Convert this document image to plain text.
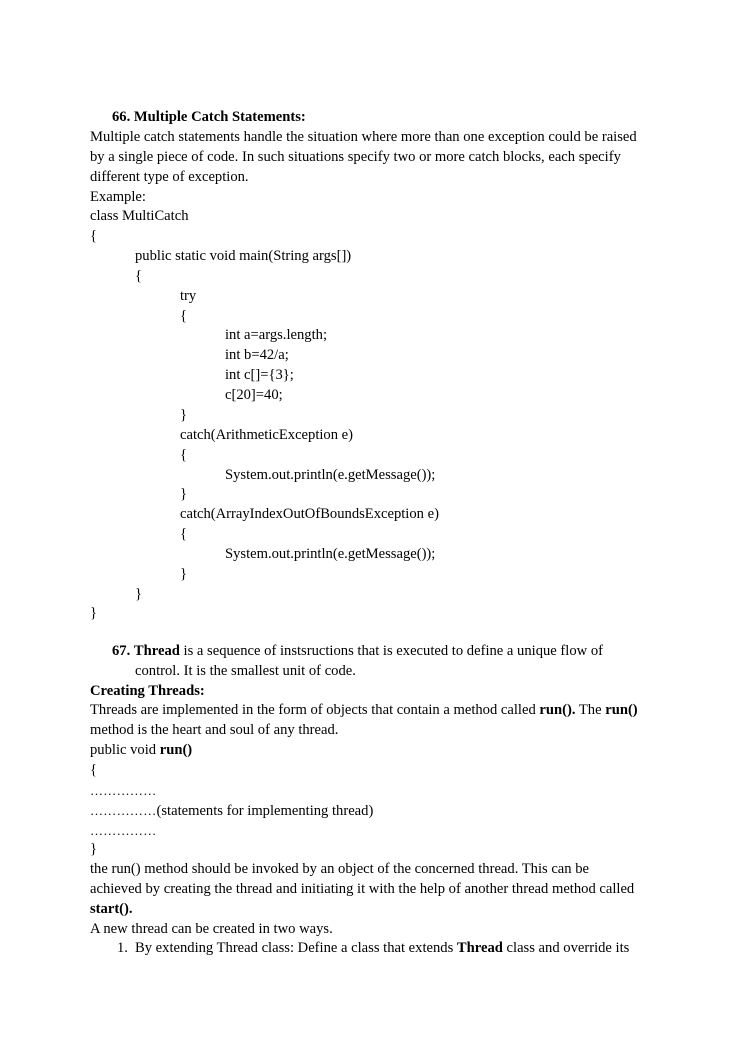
66. Multiple Catch Statements:
Multiple catch statements handle the situation where more than one exception could be raised
by a single piece of code. In such situations specify two or more catch blocks, each specify
different type of exception.
Example:
class MultiCatch
{
public static void main(String args[])
{
try
{
int a=args.length;
int b=42/a;
int c[]={3};
c[20]=40;
}
catch(ArithmeticException e)
{
System.out.println(e.getMessage());
}
catch(ArrayIndexOutOfBoundsException e)
{
System.out.println(e.getMessage());
}
}
}
67. Thread is a sequence of instsructions that is executed to define a unique flow of
control. It is the smallest unit of code.
Creating Threads:
Threads are implemented in the form of objects that contain a method called run(). The run()
method is the heart and soul of any thread.
public void run()
{
……………
……………(statements for implementing thread)
……………
}
the run() method should be invoked by an object of the concerned thread. This can be
achieved by creating the thread and initiating it with the help of another thread method called
start().
A new thread can be created in two ways.
1. By extending Thread class: Define a class that extends Thread class and override its
